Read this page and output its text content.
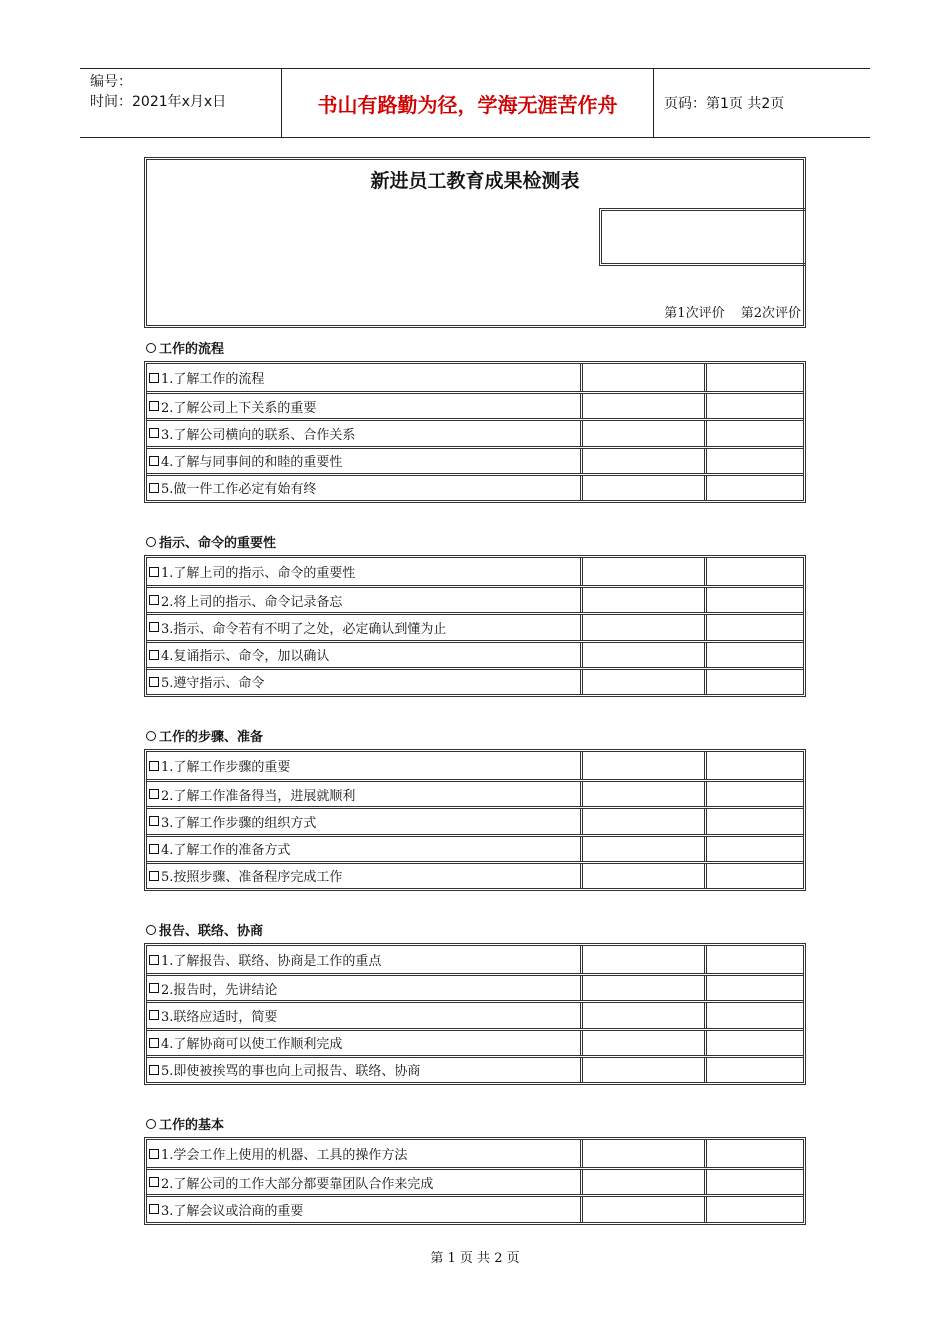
编号：
时间：2021年x月x日	书山有路勤为径，学海无涯苦作舟	页码：第1页 共2页
新进员工教育成果检测表
第1次评价 第2次评价
工作的流程
1.了解工作的流程
2.了解公司上下关系的重要
3.了解公司横向的联系、合作关系
4.了解与同事间的和睦的重要性
5.做一件工作必定有始有终
指示、命令的重要性
1.了解上司的指示、命令的重要性
2.将上司的指示、命令记录备忘
3.指示、命令若有不明了之处，必定确认到懂为止
4.复诵指示、命令，加以确认
5.遵守指示、命令
工作的步骤、准备
1.了解工作步骤的重要
2.了解工作准备得当，进展就顺利
3.了解工作步骤的组织方式
4.了解工作的准备方式
5.按照步骤、准备程序完成工作
报告、联络、协商
1.了解报告、联络、协商是工作的重点
2.报告时，先讲结论
3.联络应适时，简要
4.了解协商可以使工作顺利完成
5.即使被挨骂的事也向上司报告、联络、协商
工作的基本
1.学会工作上使用的机器、工具的操作方法
2.了解公司的工作大部分都要靠团队合作来完成
3.了解会议或洽商的重要
第 1 页 共 2 页
